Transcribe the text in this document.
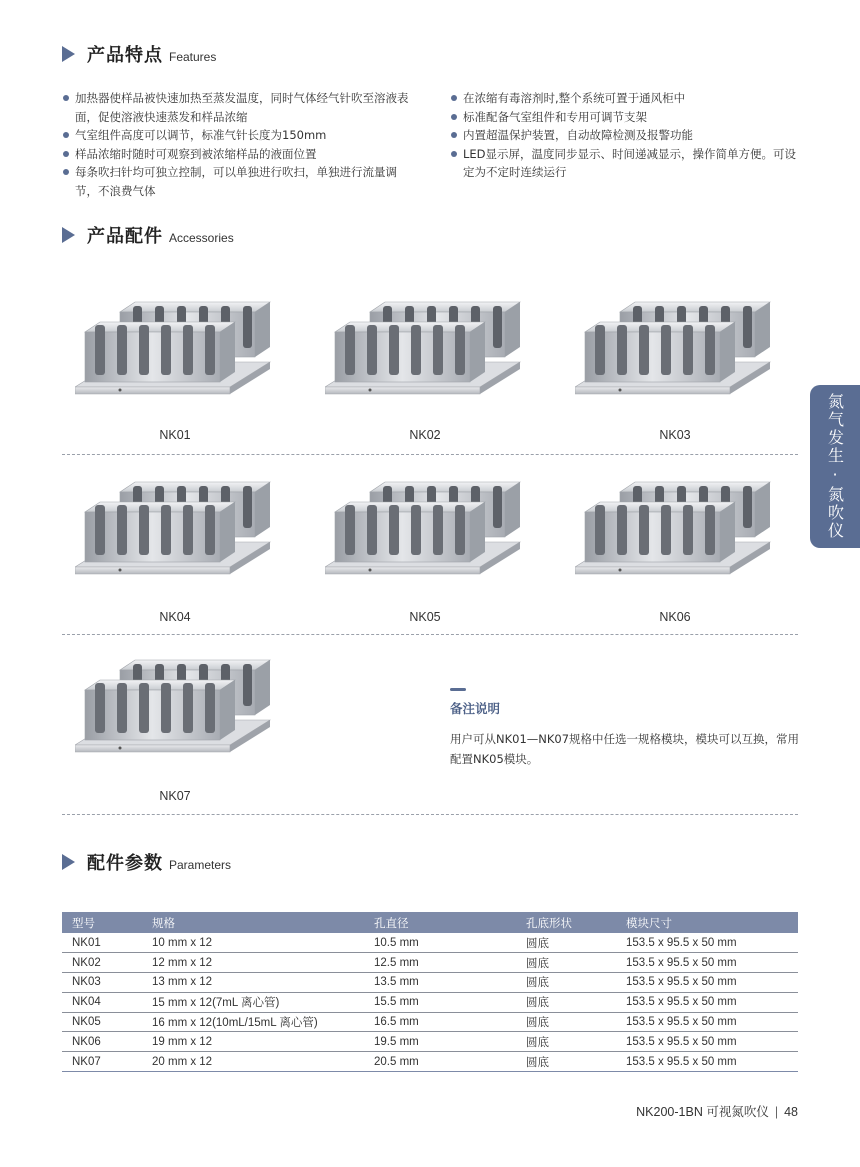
产品特点 Features
加热器使样品被快速加热至蒸发温度，同时气体经气针吹至溶液表面，促使溶液快速蒸发和样品浓缩
气室组件高度可以调节，标准气针长度为150mm
样品浓缩时随时可观察到被浓缩样品的液面位置
每条吹扫针均可独立控制，可以单独进行吹扫，单独进行流量调节，不浪费气体
在浓缩有毒溶剂时,整个系统可置于通风柜中
标准配备气室组件和专用可调节支架
内置超温保护装置，自动故障检测及报警功能
LED显示屏，温度同步显示、时间递减显示，操作简单方便。可设定为不定时连续运行
产品配件 Accessories
NK01	NK02	NK03
NK04	NK05	NK06
NK07
备注说明
用户可从NK01—NK07规格中任选一规格模块，模块可以互换，常用配置NK05模块。
氮气发生·氮吹仪
配件参数 Parameters
型号	规格	孔直径	孔底形状	模块尺寸
NK01	10 mm x 12	10.5 mm	圆底	153.5 x 95.5 x 50 mm
NK02	12 mm x 12	12.5 mm	圆底	153.5 x 95.5 x 50 mm
NK03	13 mm x 12	13.5 mm	圆底	153.5 x 95.5 x 50 mm
NK04	15 mm x 12(7mL 离心管)	15.5 mm	圆底	153.5 x 95.5 x 50 mm
NK05	16 mm x 12(10mL/15mL 离心管)	16.5 mm	圆底	153.5 x 95.5 x 50 mm
NK06	19 mm x 12	19.5 mm	圆底	153.5 x 95.5 x 50 mm
NK07	20 mm x 12	20.5 mm	圆底	153.5 x 95.5 x 50 mm
NK200-1BN 可视氮吹仪 | 48
